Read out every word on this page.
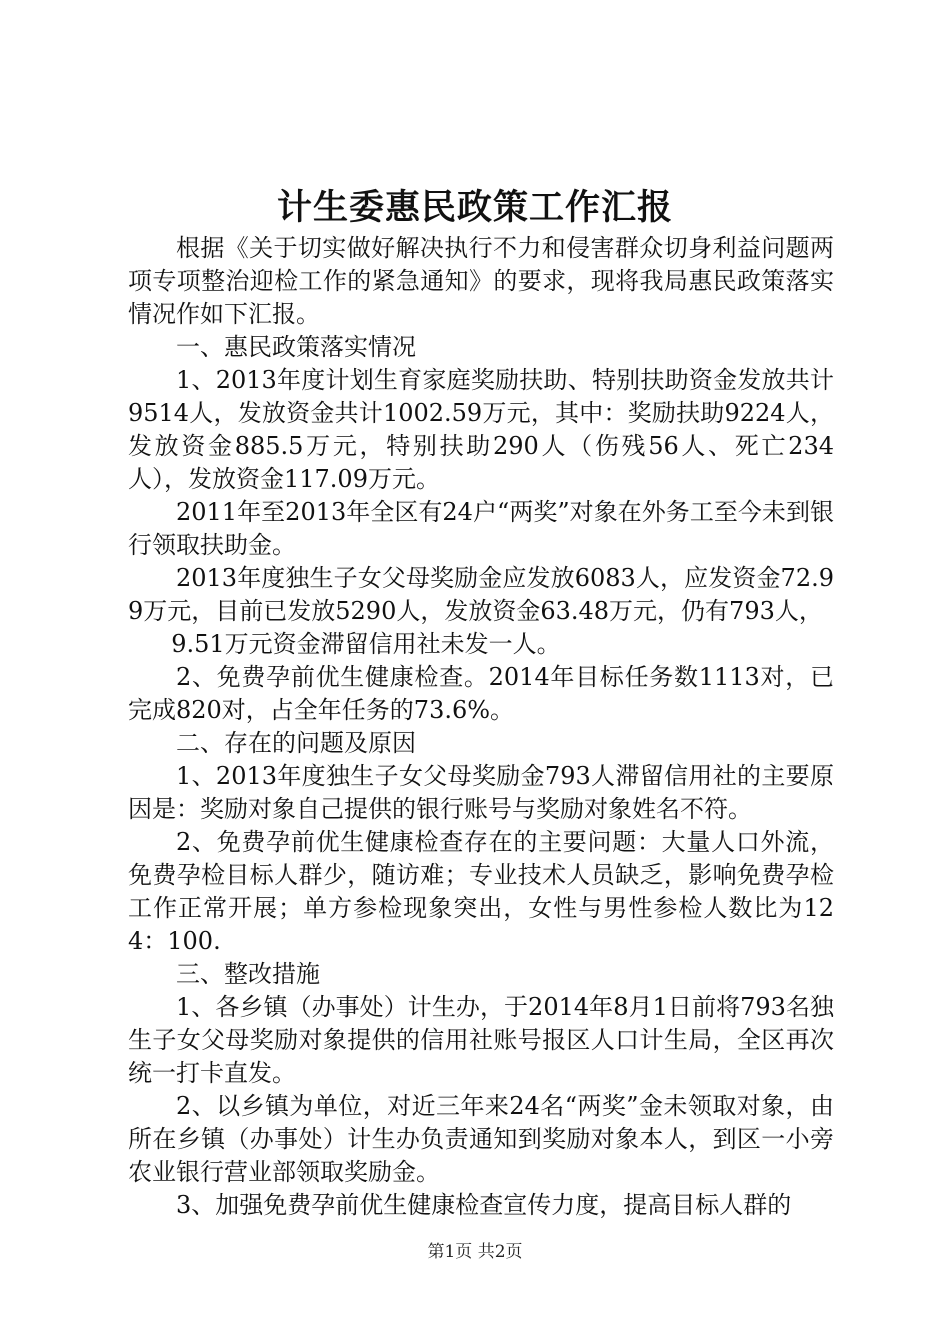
计生委惠民政策工作汇报

根据《关于切实做好解决执行不力和侵害群众切身利益问题两项专项整治迎检工作的紧急通知》的要求，现将我局惠民政策落实情况作如下汇报。

一、惠民政策落实情况

1、2013年度计划生育家庭奖励扶助、特别扶助资金发放共计9514人，发放资金共计1002.59万元，其中：奖励扶助9224人，发放资金885.5万元，特别扶助290人（伤残56人、死亡234人），发放资金117.09万元。

2011年至2013年全区有24户“两奖”对象在外务工至今未到银行领取扶助金。

2013年度独生子女父母奖励金应发放6083人，应发资金72.99万元，目前已发放5290人，发放资金63.48万元，仍有793人，

9.51万元资金滞留信用社未发一人。

2、免费孕前优生健康检查。2014年目标任务数1113对，已完成820对，占全年任务的73.6%。

二、存在的问题及原因

1、2013年度独生子女父母奖励金793人滞留信用社的主要原因是：奖励对象自己提供的银行账号与奖励对象姓名不符。

2、免费孕前优生健康检查存在的主要问题：大量人口外流，免费孕检目标人群少，随访难；专业技术人员缺乏，影响免费孕检工作正常开展；单方参检现象突出，女性与男性参检人数比为124：100.

三、整改措施

1、各乡镇（办事处）计生办，于2014年8月1日前将793名独生子女父母奖励对象提供的信用社账号报区人口计生局，全区再次统一打卡直发。

2、以乡镇为单位，对近三年来24名“两奖”金未领取对象，由所在乡镇（办事处）计生办负责通知到奖励对象本人，到区一小旁农业银行营业部领取奖励金。

3、加强免费孕前优生健康检查宣传力度，提高目标人群的

第1页 共2页
